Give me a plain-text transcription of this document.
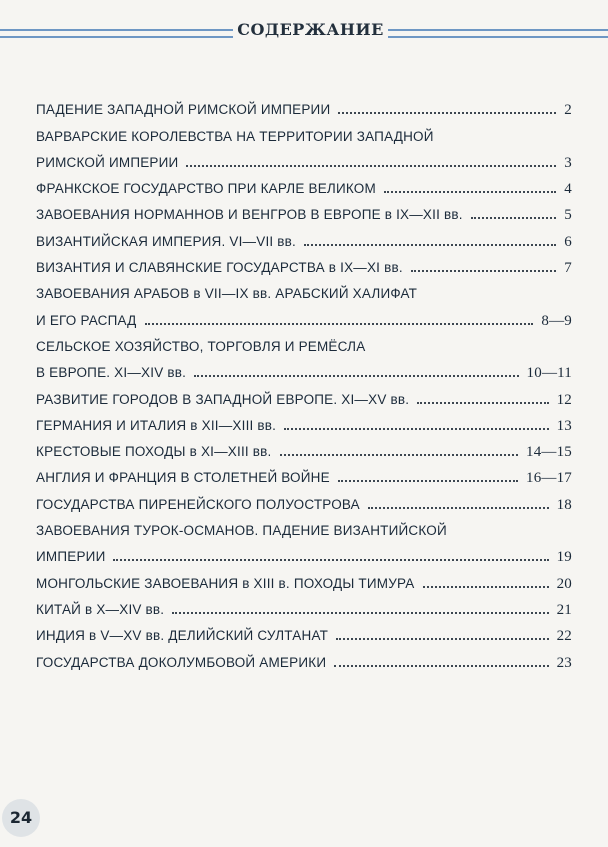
СОДЕРЖАНИЕ
ПАДЕНИЕ ЗАПАДНОЙ РИМСКОЙ ИМПЕРИИ	2
ВАРВАРСКИЕ КОРОЛЕВСТВА НА ТЕРРИТОРИИ ЗАПАДНОЙ
РИМСКОЙ ИМПЕРИИ	3
ФРАНКСКОЕ ГОСУДАРСТВО ПРИ КАРЛЕ ВЕЛИКОМ	4
ЗАВОЕВАНИЯ НОРМАННОВ И ВЕНГРОВ В ЕВРОПЕ в IX—XII вв.	5
ВИЗАНТИЙСКАЯ ИМПЕРИЯ. VI—VII вв.	6
ВИЗАНТИЯ И СЛАВЯНСКИЕ ГОСУДАРСТВА в IX—XI вв.	7
ЗАВОЕВАНИЯ АРАБОВ в VII—IX вв. АРАБСКИЙ ХАЛИФАТ
И ЕГО РАСПАД	8—9
СЕЛЬСКОЕ ХОЗЯЙСТВО, ТОРГОВЛЯ И РЕМЁСЛА
В ЕВРОПЕ. XI—XIV вв.	10—11
РАЗВИТИЕ ГОРОДОВ В ЗАПАДНОЙ ЕВРОПЕ. XI—XV вв.	12
ГЕРМАНИЯ И ИТАЛИЯ в XII—XIII вв.	13
КРЕСТОВЫЕ ПОХОДЫ в XI—XIII вв.	14—15
АНГЛИЯ И ФРАНЦИЯ В СТОЛЕТНЕЙ ВОЙНЕ	16—17
ГОСУДАРСТВА ПИРЕНЕЙСКОГО ПОЛУОСТРОВА	18
ЗАВОЕВАНИЯ ТУРОК-ОСМАНОВ. ПАДЕНИЕ ВИЗАНТИЙСКОЙ
ИМПЕРИИ	19
МОНГОЛЬСКИЕ ЗАВОЕВАНИЯ в XIII в. ПОХОДЫ ТИМУРА	20
КИТАЙ в X—XIV вв.	21
ИНДИЯ в V—XV вв. ДЕЛИЙСКИЙ СУЛТАНАТ	22
ГОСУДАРСТВА ДОКОЛУМБОВОЙ АМЕРИКИ	23
24
